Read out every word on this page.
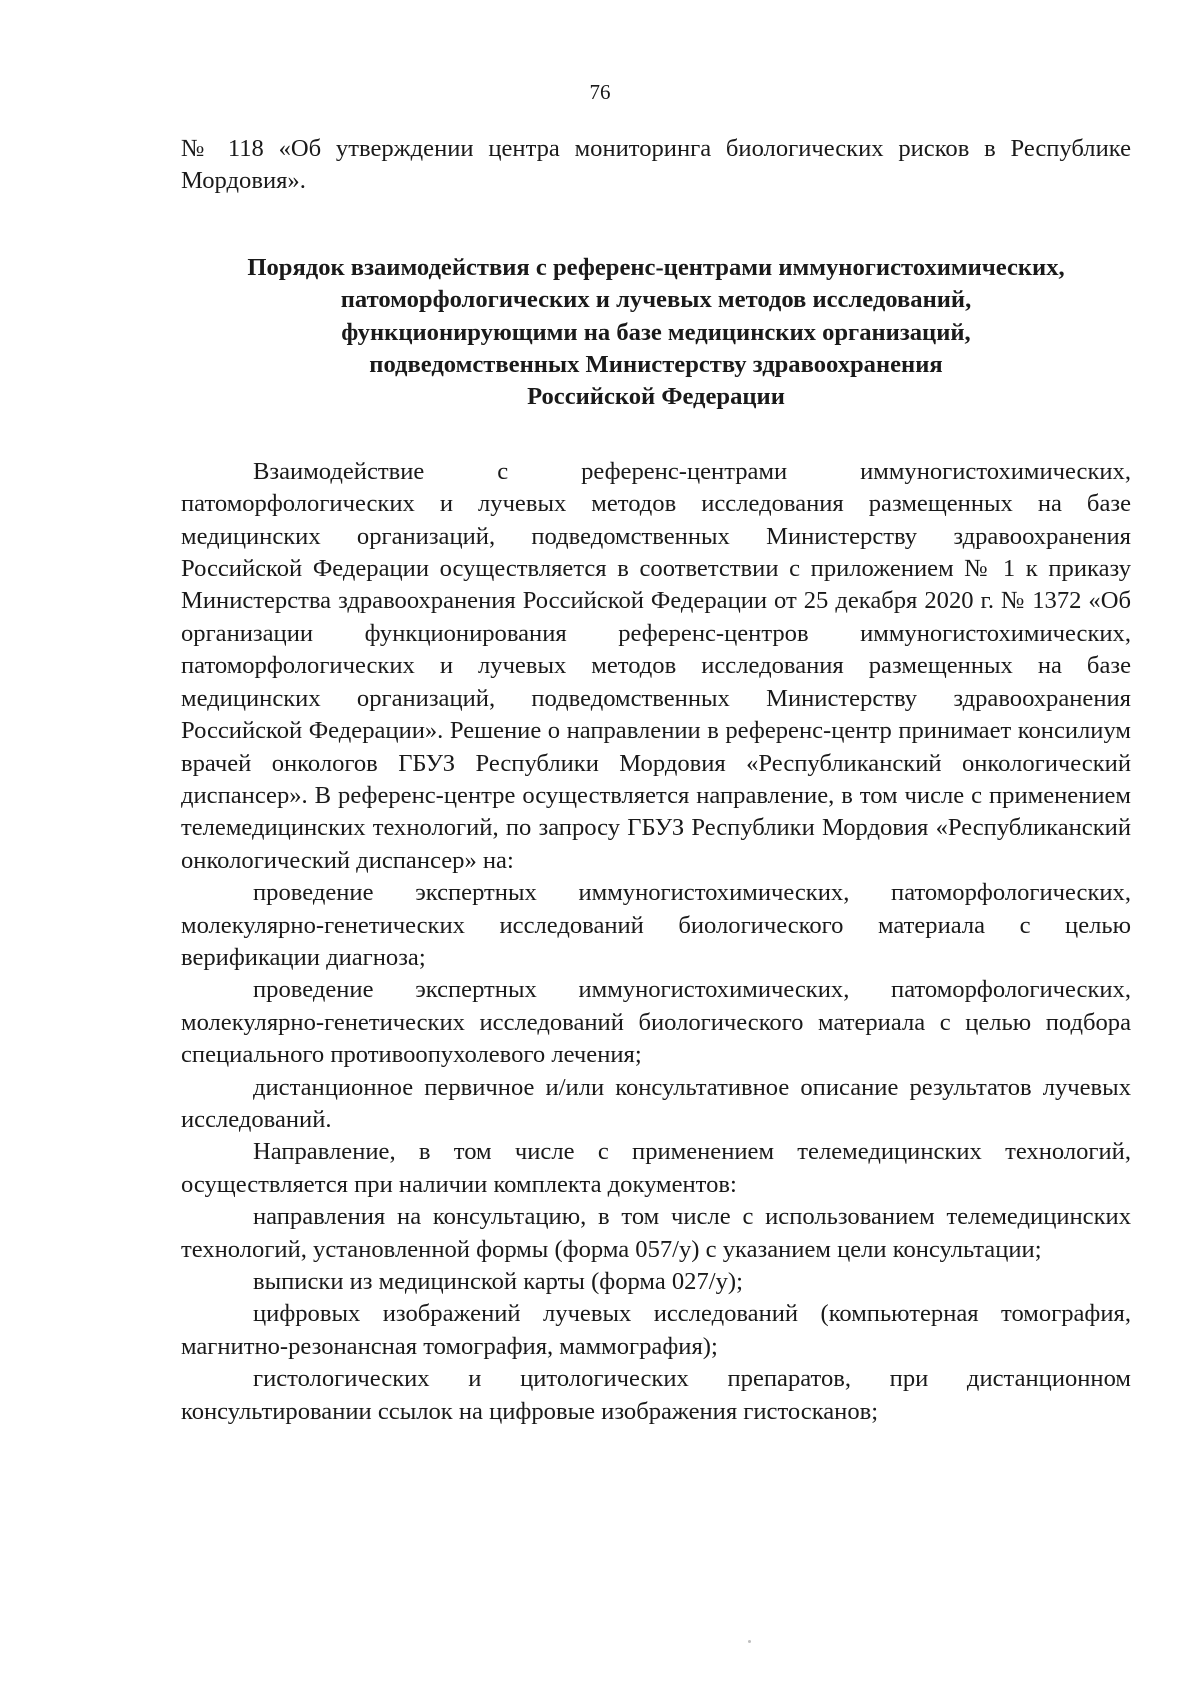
76

№ 118 «Об утверждении центра мониторинга биологических рисков в Республике Мордовия».

Порядок взаимодействия с референс-центрами иммуногистохимических,
патоморфологических и лучевых методов исследований,
функционирующими на базе медицинских организаций,
подведомственных Министерству здравоохранения
Российской Федерации

Взаимодействие с референс-центрами иммуногистохимических, патоморфологических и лучевых методов исследования размещенных на базе медицинских организаций, подведомственных Министерству здравоохранения Российской Федерации осуществляется в соответствии с приложением № 1 к приказу Министерства здравоохранения Российской Федерации от 25 декабря 2020 г. № 1372 «Об организации функционирования референс-центров иммуногистохимических, патоморфологических и лучевых методов исследования размещенных на базе медицинских организаций, подведомственных Министерству здравоохранения Российской Федерации». Решение о направлении в референс-центр принимает консилиум врачей онкологов ГБУЗ Республики Мордовия «Республиканский онкологический диспансер». В референс-центре осуществляется направление, в том числе с применением телемедицинских технологий, по запросу ГБУЗ Республики Мордовия «Республиканский онкологический диспансер» на:

проведение экспертных иммуногистохимических, патоморфологических, молекулярно-генетических исследований биологического материала с целью верификации диагноза;

проведение экспертных иммуногистохимических, патоморфологических, молекулярно-генетических исследований биологического материала с целью подбора специального противоопухолевого лечения;

дистанционное первичное и/или консультативное описание результатов лучевых исследований.

Направление, в том числе с применением телемедицинских технологий, осуществляется при наличии комплекта документов:

направления на консультацию, в том числе с использованием телемедицинских технологий, установленной формы (форма 057/у) с указанием цели консультации;

выписки из медицинской карты (форма 027/у);

цифровых изображений лучевых исследований (компьютерная томография, магнитно-резонансная томография, маммография);

гистологических и цитологических препаратов, при дистанционном консультировании ссылок на цифровые изображения гистосканов;
